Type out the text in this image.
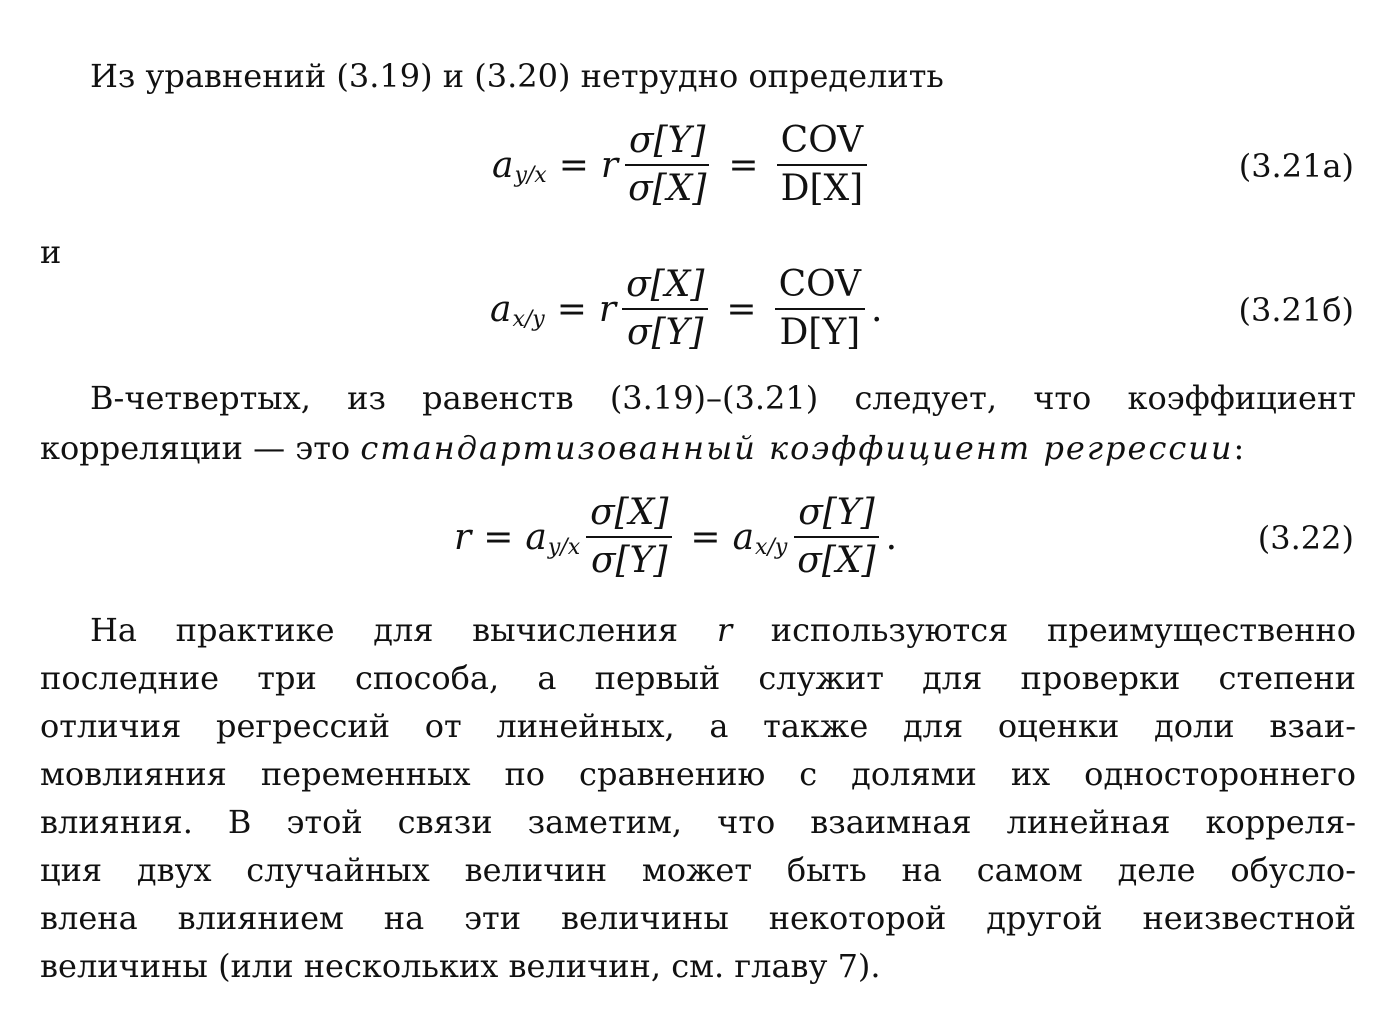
Из уравнений (3.19) и (3.20) нетрудно определить
a y/x = r $\frac{\sigma[Y]}{\sigma[X]} = \frac{\text{COV}}{D[X]}$	(3.21а)
и
a x/y = r $\frac{\sigma[X]}{\sigma[Y]} = \frac{\text{COV}}{D[Y]}$ .	(3.21б)
В-четвертых, из равенств (3.19)–(3.21) следует, что коэффициент
корреляции — это стандартизованный коэффициент регрессии:
r = a $y/x \frac{\sigma[X]}{\sigma[Y]} = a$ $x/y \frac{\sigma[Y]}{\sigma[X]}$ .	(3.22)
На практике для вычисления r используются преимущественно
последние три способа, а первый служит для проверки степени
отличия регрессий от линейных, а также для оценки доли взаи-
мовлияния переменных по сравнению с долями их одностороннего
влияния. В этой связи заметим, что взаимная линейная корреля-
ция двух случайных величин может быть на самом деле обусло-
влена влиянием на эти величины некоторой другой неизвестной
величины (или нескольких величин, см. главу 7).
